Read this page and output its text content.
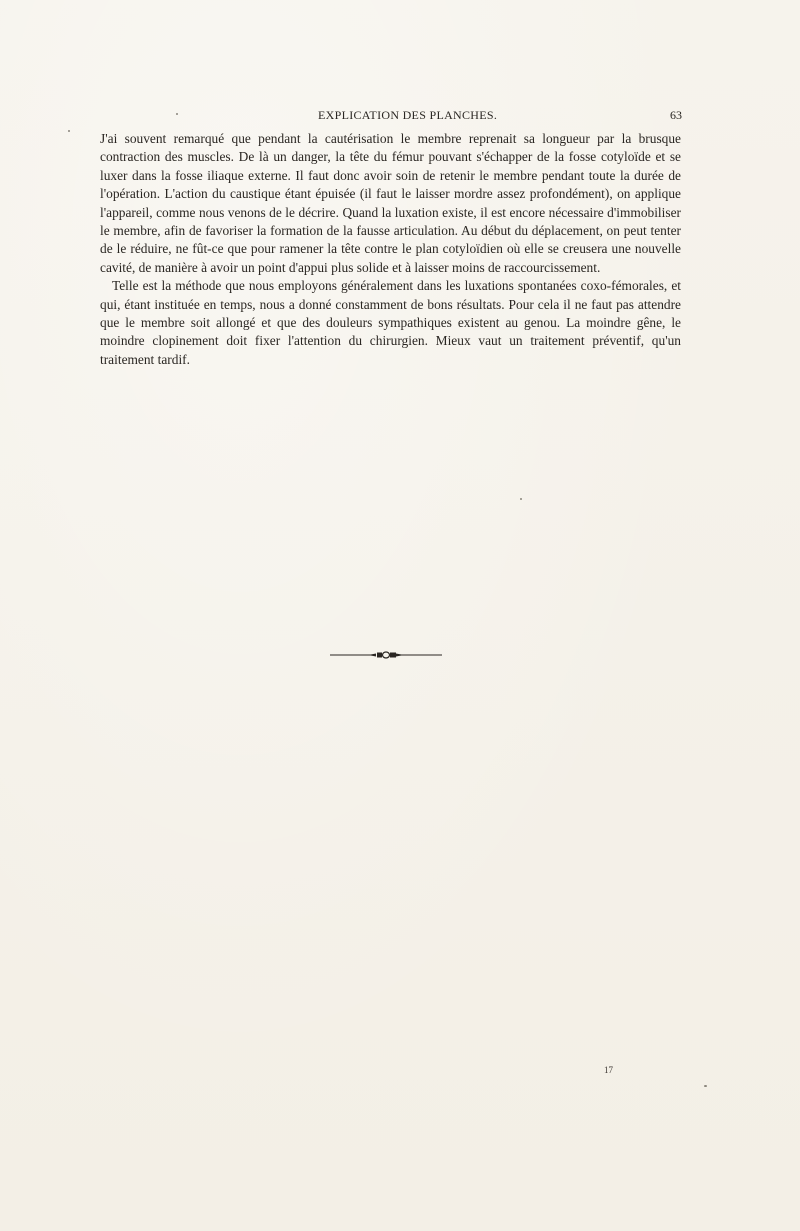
EXPLICATION DES PLANCHES.	63

J'ai souvent remarqué que pendant la cautérisation le membre reprenait sa longueur par la brusque contraction des muscles. De là un danger, la tête du fémur pouvant s'échapper de la fosse cotyloïde et se luxer dans la fosse iliaque externe. Il faut donc avoir soin de retenir le membre pendant toute la durée de l'opération. L'action du caustique étant épuisée (il faut le laisser mordre assez profondément), on applique l'appareil, comme nous venons de le décrire. Quand la luxation existe, il est encore nécessaire d'immobiliser le membre, afin de favoriser la formation de la fausse articulation. Au début du déplacement, on peut tenter de le réduire, ne fût-ce que pour ramener la tête contre le plan cotyloïdien où elle se creusera une nouvelle cavité, de manière à avoir un point d'appui plus solide et à laisser moins de raccourcissement.

Telle est la méthode que nous employons généralement dans les luxations spontanées coxo-fémorales, et qui, étant instituée en temps, nous a donné constamment de bons résultats. Pour cela il ne faut pas attendre que le membre soit allongé et que des douleurs sympathiques existent au genou. La moindre gêne, le moindre clopinement doit fixer l'attention du chirurgien. Mieux vaut un traitement préventif, qu'un traitement tardif.

17
